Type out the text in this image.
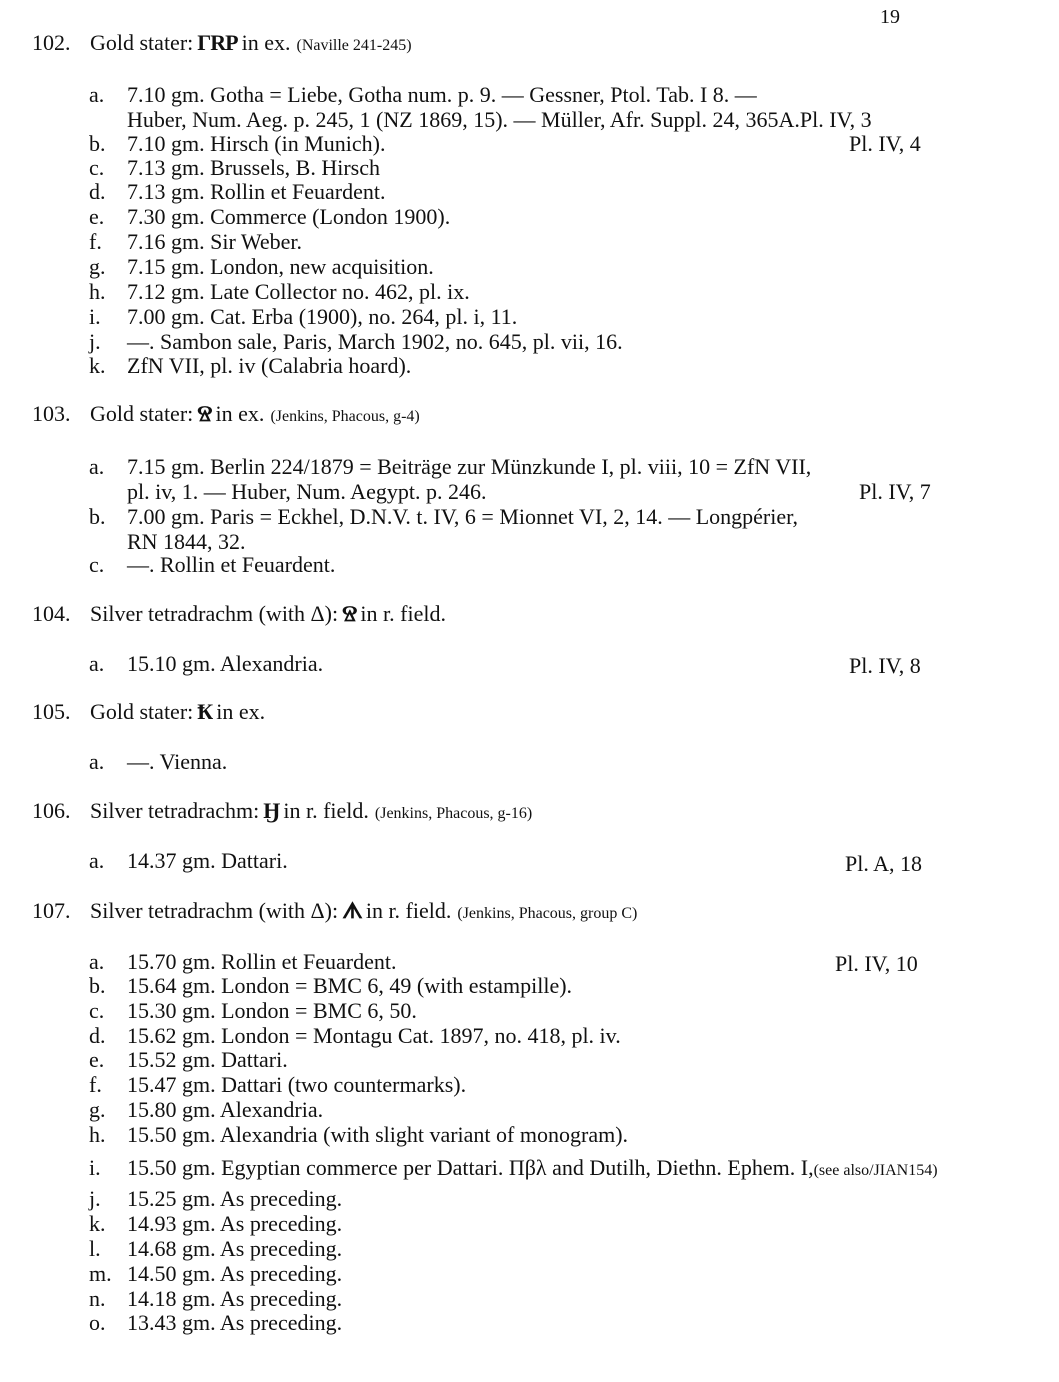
19
102. Gold stater: ΓRP in ex. (Naville 241-245)
a.	7.10 gm. Gotha = Liebe, Gotha num. p. 9. — Gessner, Ptol. Tab. I 8. —
Huber, Num. Aeg. p. 245, 1 (NZ 1869, 15). — Müller, Afr. Suppl. 24, 365A.Pl. IV, 3
b. 7.10 gm. Hirsch (in Munich).	Pl. IV, 4
c.	7.13 gm. Brussels, B. Hirsch
d. 7.13 gm. Rollin et Feuardent.
e.	7.30 gm. Commerce (London 1900).
f.	7.16 gm. Sir Weber.
g. 7.15 gm. London, new acquisition.
h. 7.12 gm. Late Collector no. 462, pl. ix.
i.	7.00 gm. Cat. Erba (1900), no. 264, pl. i, 11.
j.	—. Sambon sale, Paris, March 1902, no. 645, pl. vii, 16.
k. ZfN VII, pl. iv (Calabria hoard).
103. Gold stater: Ⱄ in ex. (Jenkins, Phacous, g-4)
a.	7.15 gm. Berlin 224/1879 = Beiträge zur Münzkunde I, pl. viii, 10 = ZfN VII,
pl. iv, 1. — Huber, Num. Aegypt. p. 246.	Pl. IV, 7
b. 7.00 gm. Paris = Eckhel, D.N.V. t. IV, 6 = Mionnet VI, 2, 14. — Longpérier,
RN 1844, 32.
c.	—. Rollin et Feuardent.
104. Silver tetradrachm (with Δ): Ⱄ in r. field.
a.	15.10 gm. Alexandria.	Pl. IV, 8
105. Gold stater: Ҟ in ex.
a.	—. Vienna.
106. Silver tetradrachm: Ӈ in r. field. (Jenkins, Phacous, g-16)
a.	14.37 gm. Dattari.	Pl. A, 18
107. Silver tetradrachm (with Δ): ᗑ in r. field. (Jenkins, Phacous, group C)
a.	15.70 gm. Rollin et Feuardent.	Pl. IV, 10
b. 15.64 gm. London = BMC 6, 49 (with estampille).
c.	15.30 gm. London = BMC 6, 50.
d. 15.62 gm. London = Montagu Cat. 1897, no. 418, pl. iv.
e.	15.52 gm. Dattari.
f.	15.47 gm. Dattari (two countermarks).
g. 15.80 gm. Alexandria.
h. 15.50 gm. Alexandria (with slight variant of monogram).
i.	15.50 gm. Egyptian commerce per Dattari. Πβλ and Dutilh, Diethn. Ephem. I,(see also/JIAN154)
j.	15.25 gm. As preceding.
k. 14.93 gm. As preceding.
l.	14.68 gm. As preceding.
m. 14.50 gm. As preceding.
n. 14.18 gm. As preceding.
o. 13.43 gm. As preceding.
